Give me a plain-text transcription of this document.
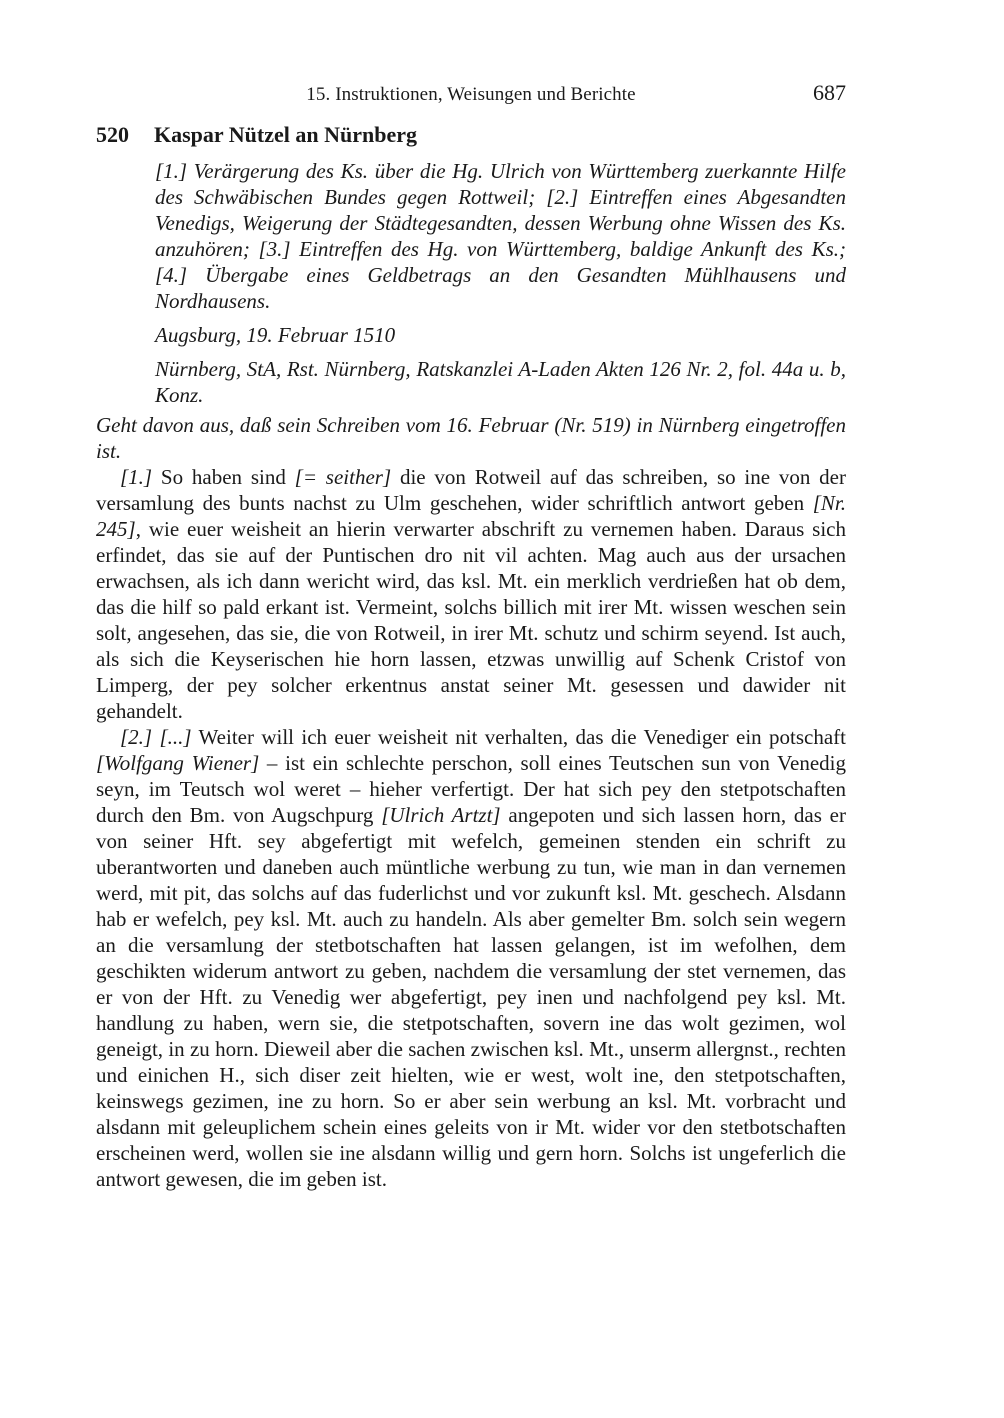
15. Instruktionen, Weisungen und Berichte	687
520 Kaspar Nützel an Nürnberg

[1.] Verärgerung des Ks. über die Hg. Ulrich von Württemberg zuerkannte Hilfe des Schwäbischen Bundes gegen Rottweil; [2.] Eintreffen eines Abgesandten Venedigs, Weigerung der Städtegesandten, dessen Werbung ohne Wissen des Ks. anzuhören; [3.] Eintreffen des Hg. von Württemberg, baldige Ankunft des Ks.; [4.] Übergabe eines Geldbetrags an den Gesandten Mühlhausens und Nordhausens.

Augsburg, 19. Februar 1510

Nürnberg, StA, Rst. Nürnberg, Ratskanzlei A-Laden Akten 126 Nr. 2, fol. 44a u. b, Konz.

Geht davon aus, daß sein Schreiben vom 16. Februar (Nr. 519) in Nürnberg eingetroffen ist.

[1.] So haben sind [= seither] die von Rotweil auf das schreiben, so ine von der versamlung des bunts nachst zu Ulm geschehen, wider schriftlich antwort geben [Nr. 245], wie euer weisheit an hierin verwarter abschrift zu vernemen haben. Daraus sich erfindet, das sie auf der Puntischen dro nit vil achten. Mag auch aus der ursachen erwachsen, als ich dann wericht wird, das ksl. Mt. ein merklich verdrießen hat ob dem, das die hilf so pald erkant ist. Vermeint, solchs billich mit irer Mt. wissen weschen sein solt, angesehen, das sie, die von Rotweil, in irer Mt. schutz und schirm seyend. Ist auch, als sich die Keyserischen hie horn lassen, etzwas unwillig auf Schenk Cristof von Limperg, der pey solcher erkentnus anstat seiner Mt. gesessen und dawider nit gehandelt.

[2.] [...] Weiter will ich euer weisheit nit verhalten, das die Venediger ein potschaft [Wolfgang Wiener] – ist ein schlechte perschon, soll eines Teutschen sun von Venedig seyn, im Teutsch wol weret – hieher verfertigt. Der hat sich pey den stetpotschaften durch den Bm. von Augschpurg [Ulrich Artzt] angepoten und sich lassen horn, das er von seiner Hft. sey abgefertigt mit wefelch, gemeinen stenden ein schrift zu uberantworten und daneben auch müntliche werbung zu tun, wie man in dan vernemen werd, mit pit, das solchs auf das fuderlichst und vor zukunft ksl. Mt. geschech. Alsdann hab er wefelch, pey ksl. Mt. auch zu handeln. Als aber gemelter Bm. solch sein wegern an die versamlung der stetbotschaften hat lassen gelangen, ist im wefolhen, dem geschikten widerum antwort zu geben, nachdem die versamlung der stet vernemen, das er von der Hft. zu Venedig wer abgefertigt, pey inen und nachfolgend pey ksl. Mt. handlung zu haben, wern sie, die stetpotschaften, sovern ine das wolt gezimen, wol geneigt, in zu horn. Dieweil aber die sachen zwischen ksl. Mt., unserm allergnst., rechten und einichen H., sich diser zeit hielten, wie er west, wolt ine, den stetpotschaften, keinswegs gezimen, ine zu horn. So er aber sein werbung an ksl. Mt. vorbracht und alsdann mit geleuplichem schein eines geleits von ir Mt. wider vor den stetbotschaften erscheinen werd, wollen sie ine alsdann willig und gern horn. Solchs ist ungeferlich die antwort gewesen, die im geben ist.
